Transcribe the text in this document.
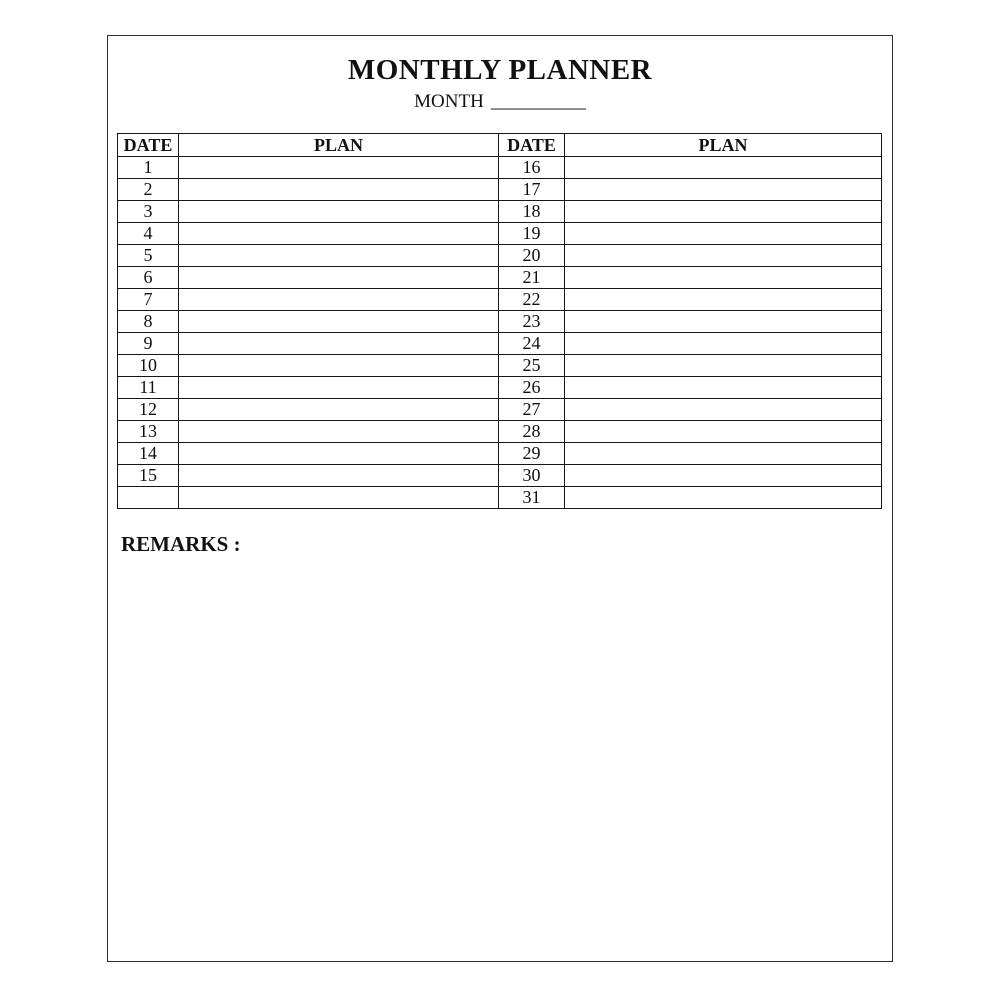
MONTHLY PLANNER
MONTH __________
DATE	PLAN	DATE	PLAN
1		16	
2		17	
3		18	
4		19	
5		20	
6		21	
7		22	
8		23	
9		24	
10		25	
11		26	
12		27	
13		28	
14		29	
15		30	
		31	
REMARKS :
